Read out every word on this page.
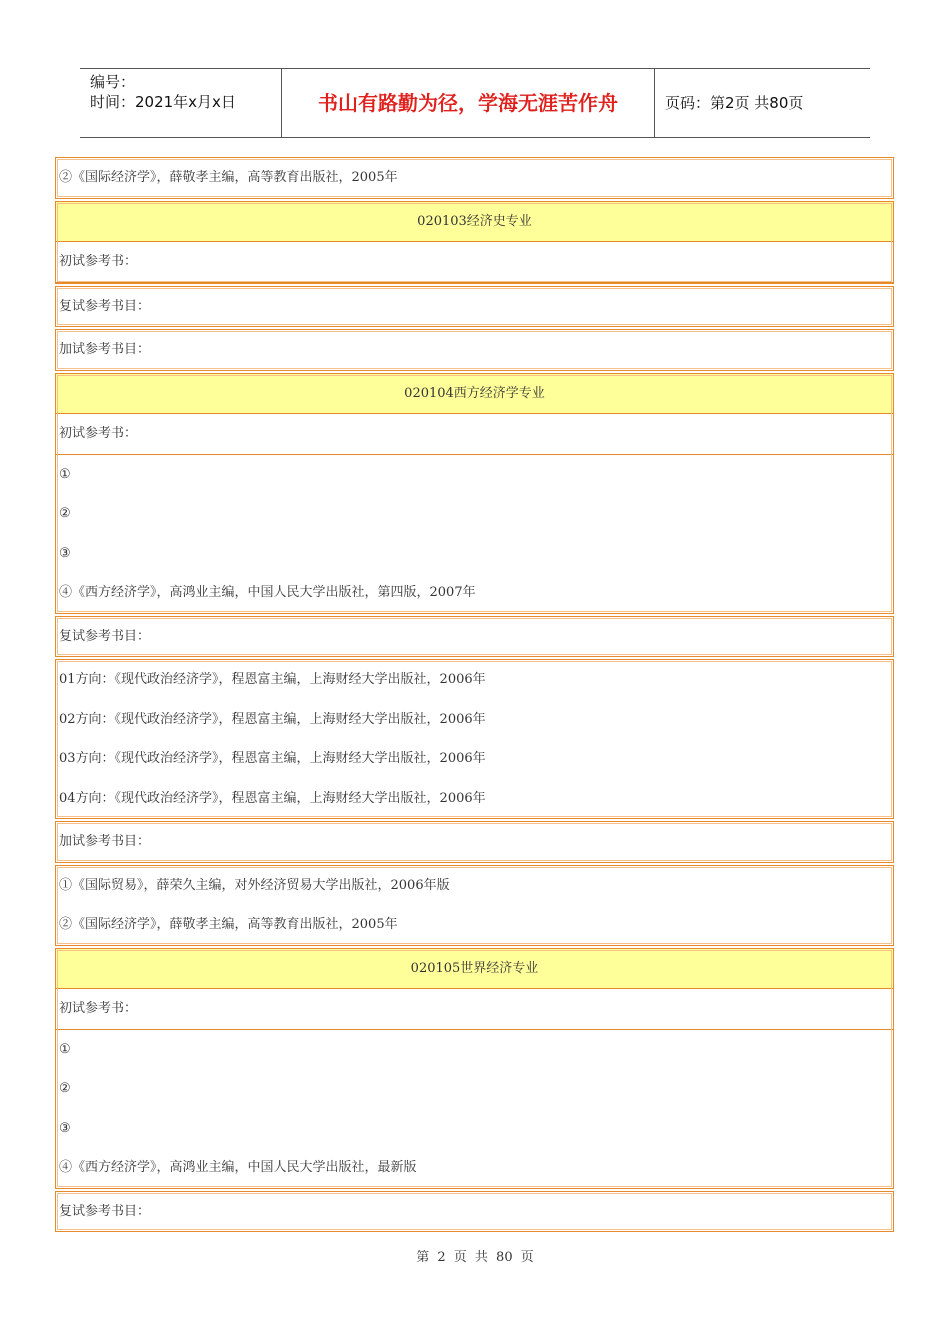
编号：
时间：2021年x月x日	书山有路勤为径，学海无涯苦作舟	页码：第2页 共80页
②《国际经济学》，薛敬孝主编，高等教育出版社，2005年
020103经济史专业
初试参考书：
复试参考书目：
加试参考书目：
020104西方经济学专业
初试参考书：
①
②
③
④《西方经济学》，高鸿业主编，中国人民大学出版社，第四版，2007年
复试参考书目：
01方向：《现代政治经济学》，程恩富主编，上海财经大学出版社，2006年
02方向：《现代政治经济学》，程恩富主编，上海财经大学出版社，2006年
03方向：《现代政治经济学》，程恩富主编，上海财经大学出版社，2006年
04方向：《现代政治经济学》，程恩富主编，上海财经大学出版社，2006年
加试参考书目：
①《国际贸易》，薛荣久主编，对外经济贸易大学出版社，2006年版
②《国际经济学》，薛敬孝主编，高等教育出版社，2005年
020105世界经济专业
初试参考书：
①
②
③
④《西方经济学》，高鸿业主编，中国人民大学出版社，最新版
复试参考书目：
第 2 页 共 80 页
